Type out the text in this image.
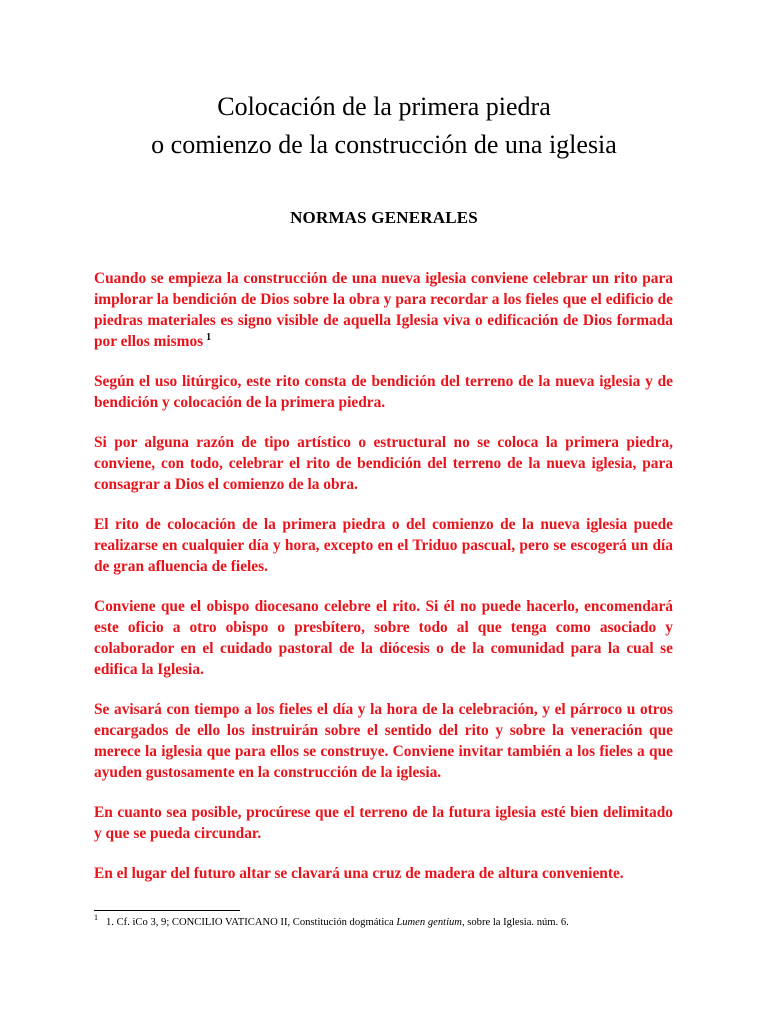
Colocación de la primera piedra
o comienzo de la construcción de una iglesia
NORMAS GENERALES

Cuando se empieza la construcción de una nueva iglesia conviene celebrar un rito para implorar la bendición de Dios sobre la obra y para recordar a los fieles que el edificio de piedras materiales es signo visible de aquella Iglesia viva o edificación de Dios formada por ellos mismos $^1$

Según el uso litúrgico, este rito consta de bendición del terreno de la nueva iglesia y de bendición y colocación de la primera piedra.

Si por alguna razón de tipo artístico o estructural no se coloca la primera piedra, conviene, con todo, celebrar el rito de bendición del terreno de la nueva iglesia, para consagrar a Dios el comienzo de la obra.

El rito de colocación de la primera piedra o del comienzo de la nueva iglesia puede realizarse en cualquier día y hora, excepto en el Triduo pascual, pero se escogerá un día de gran afluencia de fieles.

Conviene que el obispo diocesano celebre el rito. Si él no puede hacerlo, encomendará este oficio a otro obispo o presbítero, sobre todo al que tenga como asociado y colaborador en el cuidado pastoral de la diócesis o de la comunidad para la cual se edifica la Iglesia.

Se avisará con tiempo a los fieles el día y la hora de la celebración, y el párroco u otros encargados de ello los instruirán sobre el sentido del rito y sobre la veneración que merece la iglesia que para ellos se construye. Conviene invitar también a los fieles a que ayuden gustosamente en la construcción de la iglesia.

En cuanto sea posible, procúrese que el terreno de la futura iglesia esté bien delimitado y que se pueda circundar.

En el lugar del futuro altar se clavará una cruz de madera de altura conveniente.

$^1$ 1. Cf. iCo 3, 9; CONCILIO VATICANO II, Constitución dogmática Lumen gentium, sobre la Iglesia. núm. 6.
